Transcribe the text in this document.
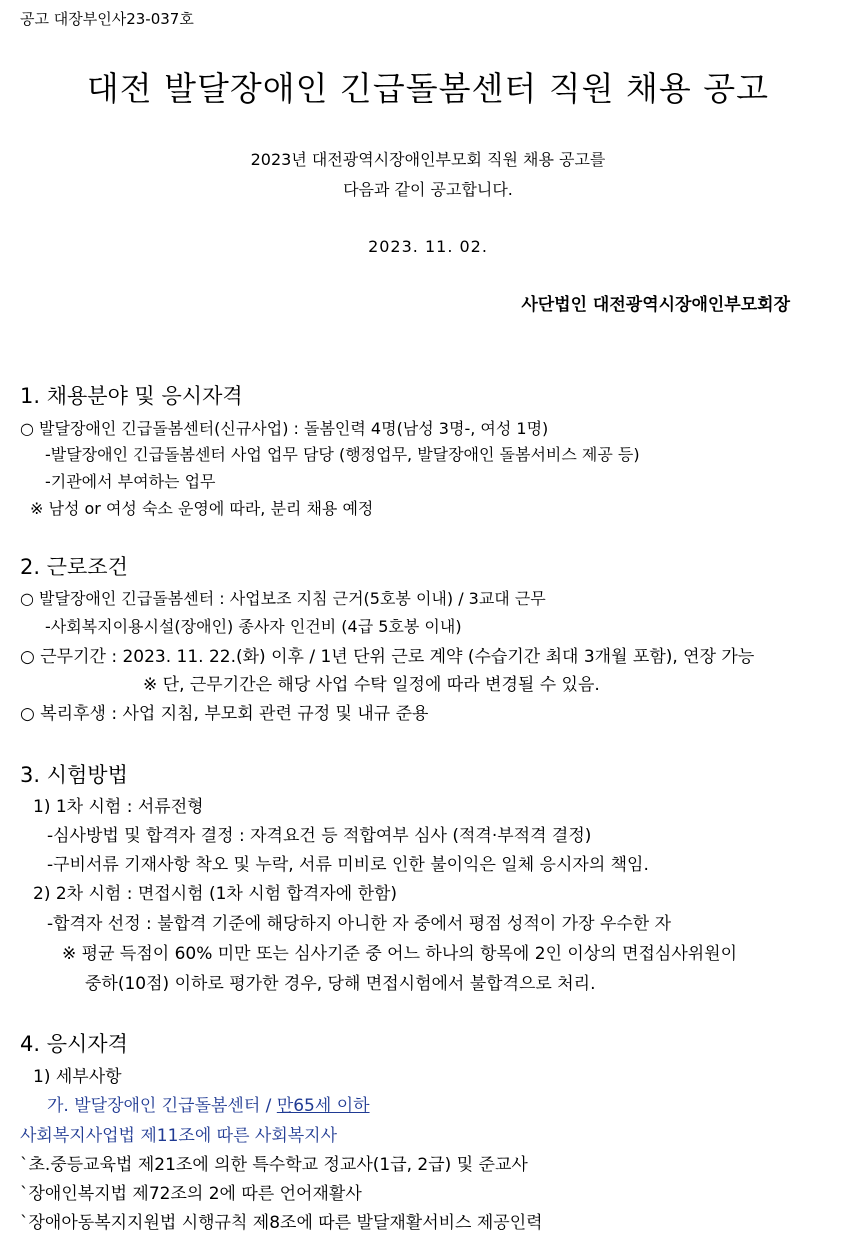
공고 대장부인사23-037호
대전 발달장애인 긴급돌봄센터 직원 채용 공고
2023년 대전광역시장애인부모회 직원 채용 공고를
다음과 같이 공고합니다.
2023. 11. 02.
사단법인 대전광역시장애인부모회장
1. 채용분야 및 응시자격
○ 발달장애인 긴급돌봄센터(신규사업) : 돌봄인력 4명(남성 3명-, 여성 1명)
-발달장애인 긴급돌봄센터 사업 업무 담당 (행정업무, 발달장애인 돌봄서비스 제공 등)
-기관에서 부여하는 업무
※ 남성 or 여성 숙소 운영에 따라, 분리 채용 예정
2. 근로조건
○ 발달장애인 긴급돌봄센터 : 사업보조 지침 근거(5호봉 이내) / 3교대 근무
-사회복지이용시설(장애인) 종사자 인건비 (4급 5호봉 이내)
○ 근무기간 : 2023. 11. 22.(화) 이후 / 1년 단위 근로 계약 (수습기간 최대 3개월 포함), 연장 가능
※ 단, 근무기간은 해당 사업 수탁 일정에 따라 변경될 수 있음.
○ 복리후생 : 사업 지침, 부모회 관련 규정 및 내규 준용
3. 시험방법
1) 1차 시험 : 서류전형
-심사방법 및 합격자 결정 : 자격요건 등 적합여부 심사 (적격·부적격 결정)
-구비서류 기재사항 착오 및 누락, 서류 미비로 인한 불이익은 일체 응시자의 책임.
2) 2차 시험 : 면접시험 (1차 시험 합격자에 한함)
-합격자 선정 : 불합격 기준에 해당하지 아니한 자 중에서 평점 성적이 가장 우수한 자
※ 평균 득점이 60% 미만 또는 심사기준 중 어느 하나의 항목에 2인 이상의 면접심사위원이
중하(10점) 이하로 평가한 경우, 당해 면접시험에서 불합격으로 처리.
4. 응시자격
1) 세부사항
가. 발달장애인 긴급돌봄센터 / 만65세 이하
사회복지사업법 제11조에 따른 사회복지사
`초.중등교육법 제21조에 의한 특수학교 정교사(1급, 2급) 및 준교사
`장애인복지법 제72조의 2에 따른 언어재활사
`장애아동복지지원법 시행규칙 제8조에 따른 발달재활서비스 제공인력
